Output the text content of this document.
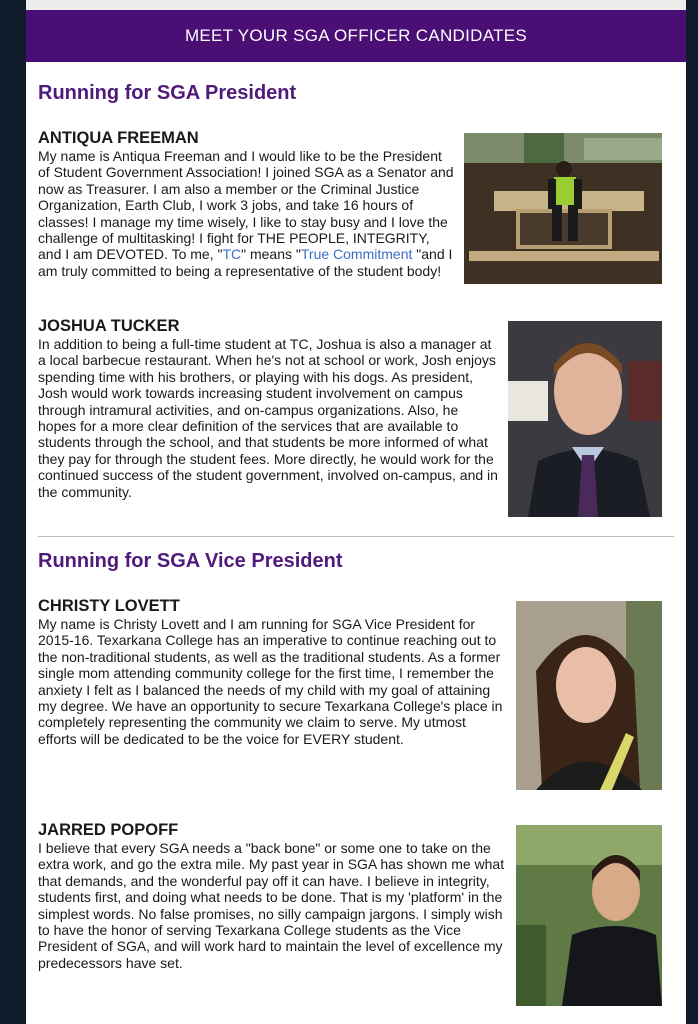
MEET YOUR SGA OFFICER CANDIDATES
Running for SGA President
ANTIQUA FREEMAN

My name is Antiqua Freeman and I would like to be the President of Student Government Association! I joined SGA as a Senator and now as Treasurer. I am also a member or the Criminal Justice Organization, Earth Club, I work 3 jobs, and take 16 hours of classes! I manage my time wisely, I like to stay busy and I love the challenge of multitasking! I fight for THE PEOPLE, INTEGRITY, and I am DEVOTED. To me, "TC" means "True Commitment "and I am truly committed to being a representative of the student body!

JOSHUA TUCKER

In addition to being a full-time student at TC, Joshua is also a manager at a local barbecue restaurant. When he's not at school or work, Josh enjoys spending time with his brothers, or playing with his dogs. As president, Josh would work towards increasing student involvement on campus through intramural activities, and on-campus organizations. Also, he hopes for a more clear definition of the services that are available to students through the school, and that students be more informed of what they pay for through the student fees. More directly, he would work for the continued success of the student government, involved on-campus, and in the community.

Running for SGA Vice President
CHRISTY LOVETT

My name is Christy Lovett and I am running for SGA Vice President for 2015-16. Texarkana College has an imperative to continue reaching out to the non-traditional students, as well as the traditional students. As a former single mom attending community college for the first time, I remember the anxiety I felt as I balanced the needs of my child with my goal of attaining my degree. We have an opportunity to secure Texarkana College's place in completely representing the community we claim to serve. My utmost efforts will be dedicated to be the voice for EVERY student.

JARRED POPOFF

I believe that every SGA needs a "back bone" or some one to take on the extra work, and go the extra mile. My past year in SGA has shown me what that demands, and the wonderful pay off it can have. I believe in integrity, students first, and doing what needs to be done. That is my 'platform' in the simplest words. No false promises, no silly campaign jargons. I simply wish to have the honor of serving Texarkana College students as the Vice President of SGA, and will work hard to maintain the level of excellence my predecessors have set.
